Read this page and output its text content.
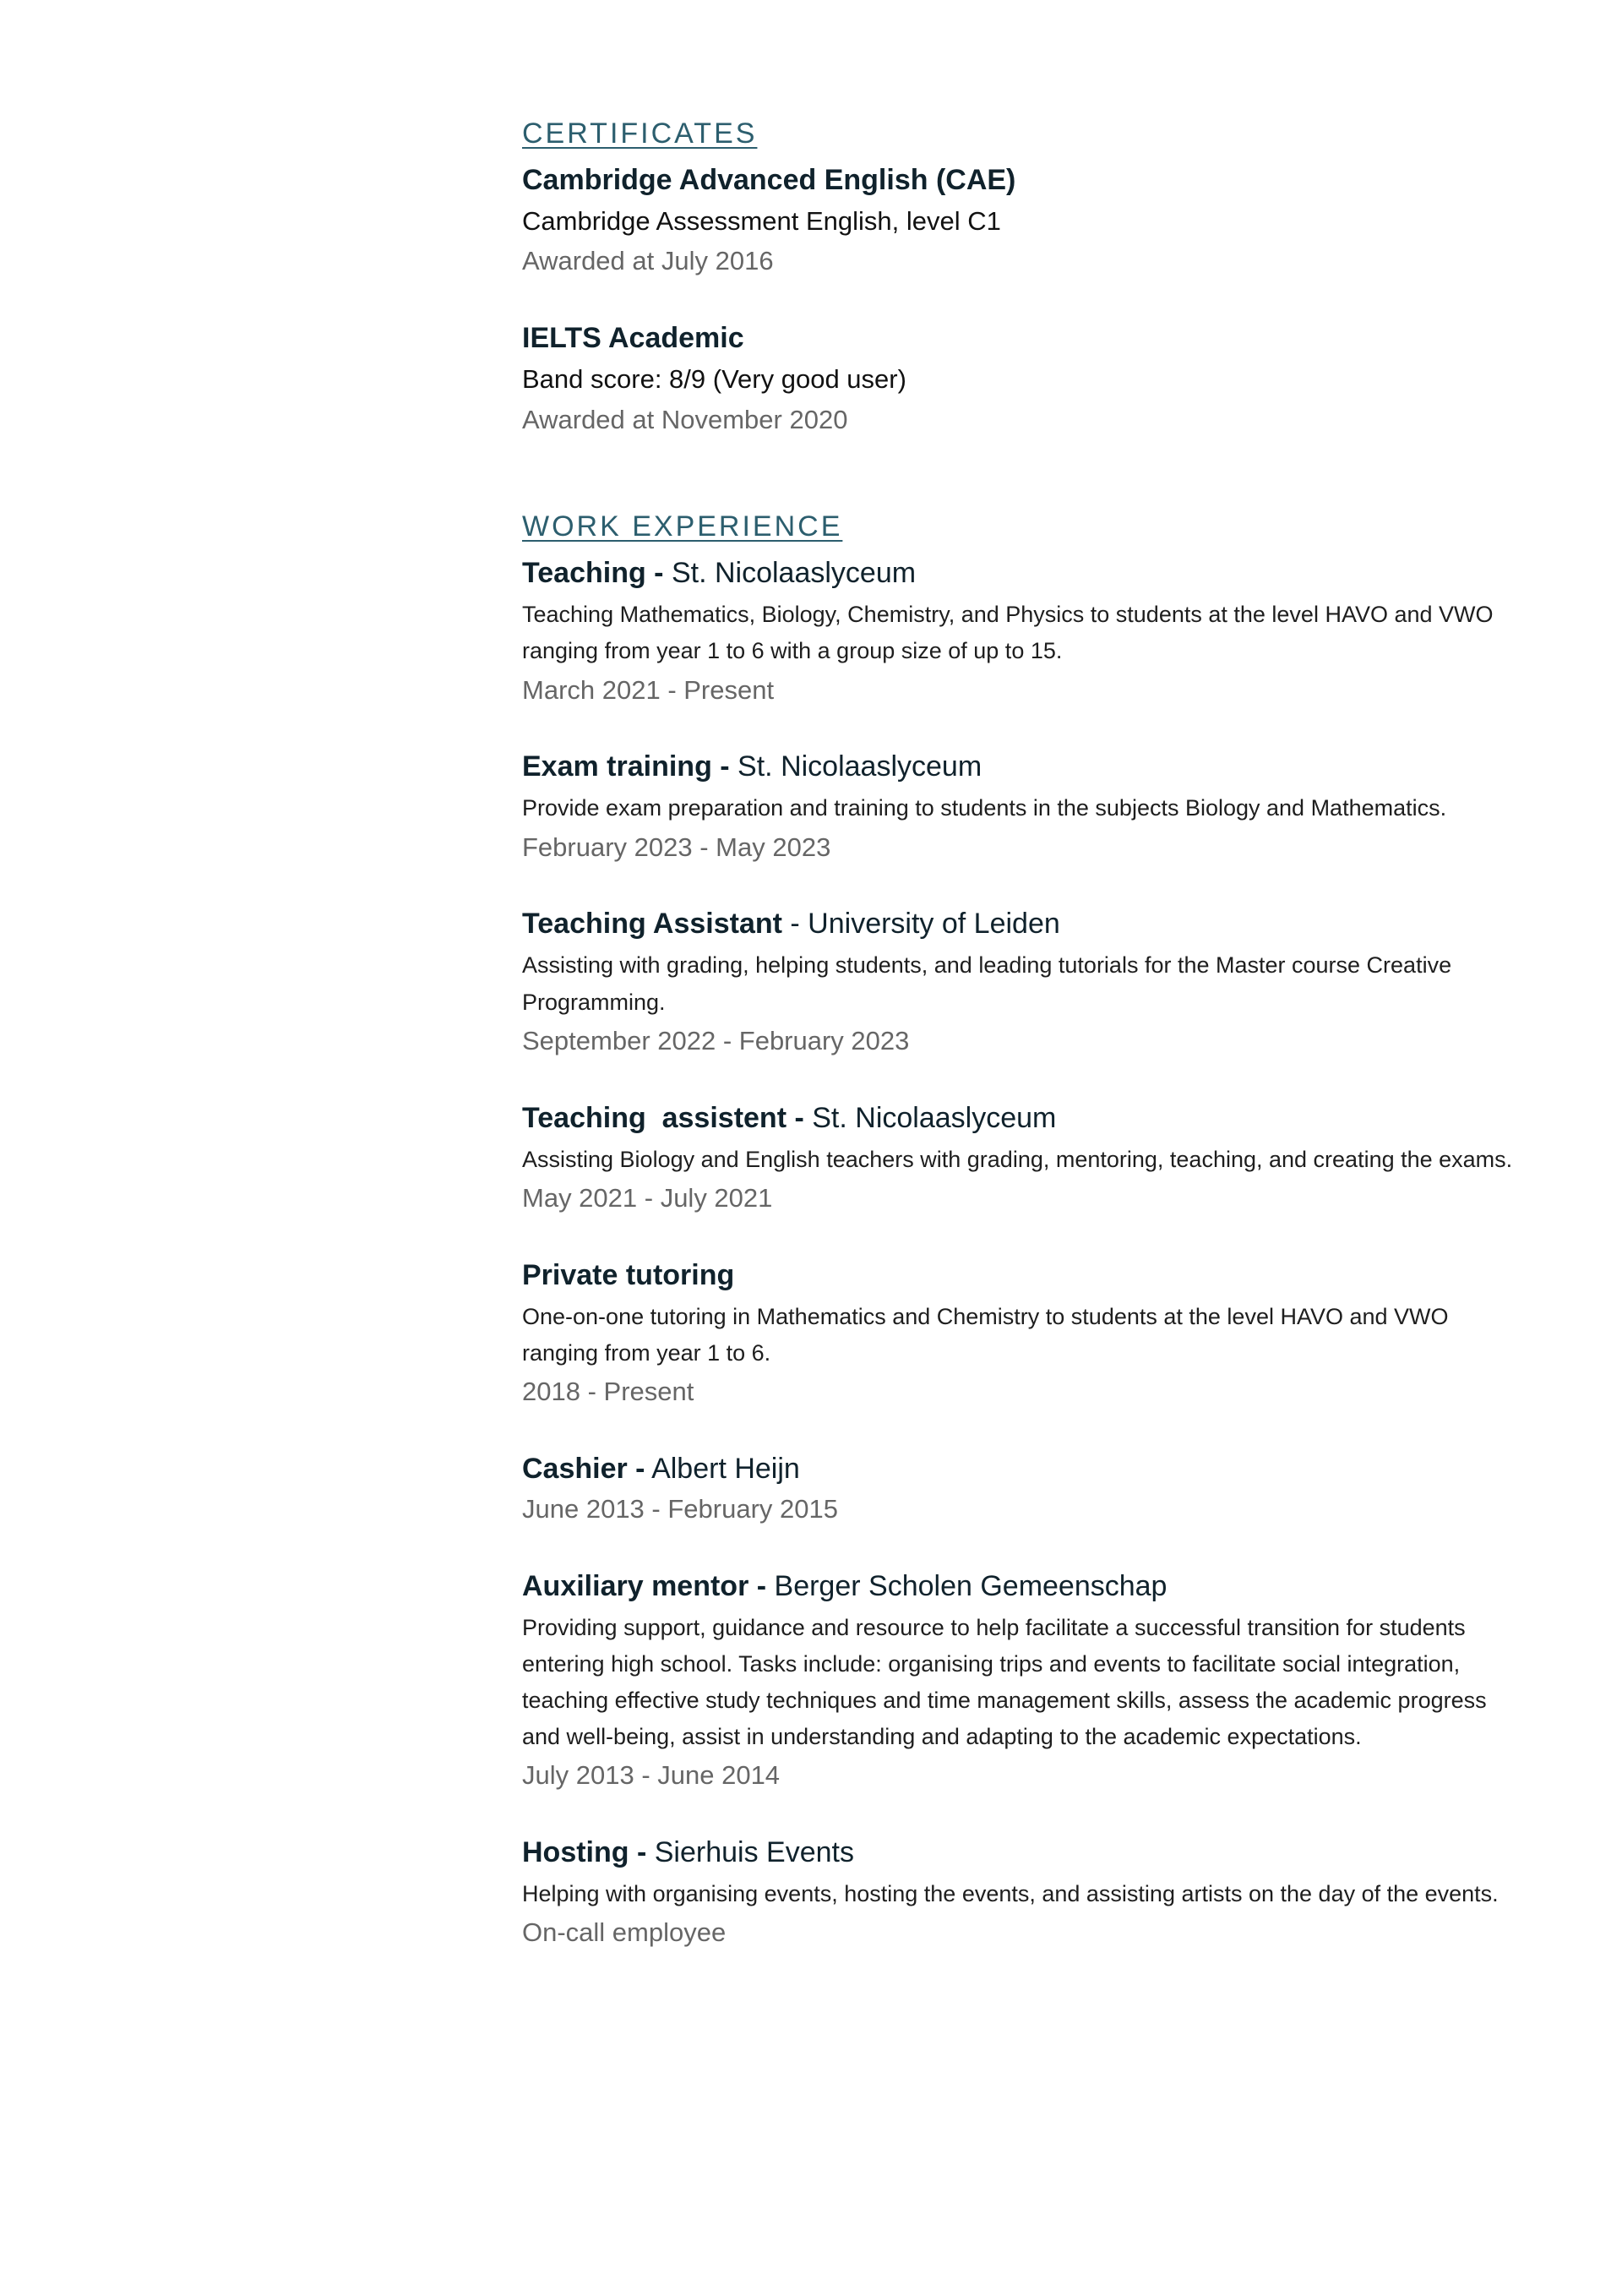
CERTIFICATES

Cambridge Advanced English (CAE)

Cambridge Assessment English, level C1

Awarded at July 2016

IELTS Academic

Band score: 8/9 (Very good user)

Awarded at November 2020

WORK EXPERIENCE

Teaching - St. Nicolaaslyceum

Teaching Mathematics, Biology, Chemistry, and Physics to students at the level HAVO and VWO ranging from year 1 to 6 with a group size of up to 15.

March 2021 - Present

Exam training - St. Nicolaaslyceum

Provide exam preparation and training to students in the subjects Biology and Mathematics.

February 2023 - May 2023

Teaching Assistant - University of Leiden

Assisting with grading, helping students, and leading tutorials for the Master course Creative Programming.

September 2022 - February 2023

Teaching  assistent - St. Nicolaaslyceum

Assisting Biology and English teachers with grading, mentoring, teaching, and creating the exams.

May 2021 - July 2021

Private tutoring

One-on-one tutoring in Mathematics and Chemistry to students at the level HAVO and VWO ranging from year 1 to 6.

2018 - Present

Cashier - Albert Heijn

June 2013 - February 2015

Auxiliary mentor - Berger Scholen Gemeenschap

Providing support, guidance and resource to help facilitate a successful transition for students entering high school. Tasks include: organising trips and events to facilitate social integration, teaching effective study techniques and time management skills, assess the academic progress and well-being, assist in understanding and adapting to the academic expectations.

July 2013 - June 2014

Hosting - Sierhuis Events

Helping with organising events, hosting the events, and assisting artists on the day of the events.

On-call employee
